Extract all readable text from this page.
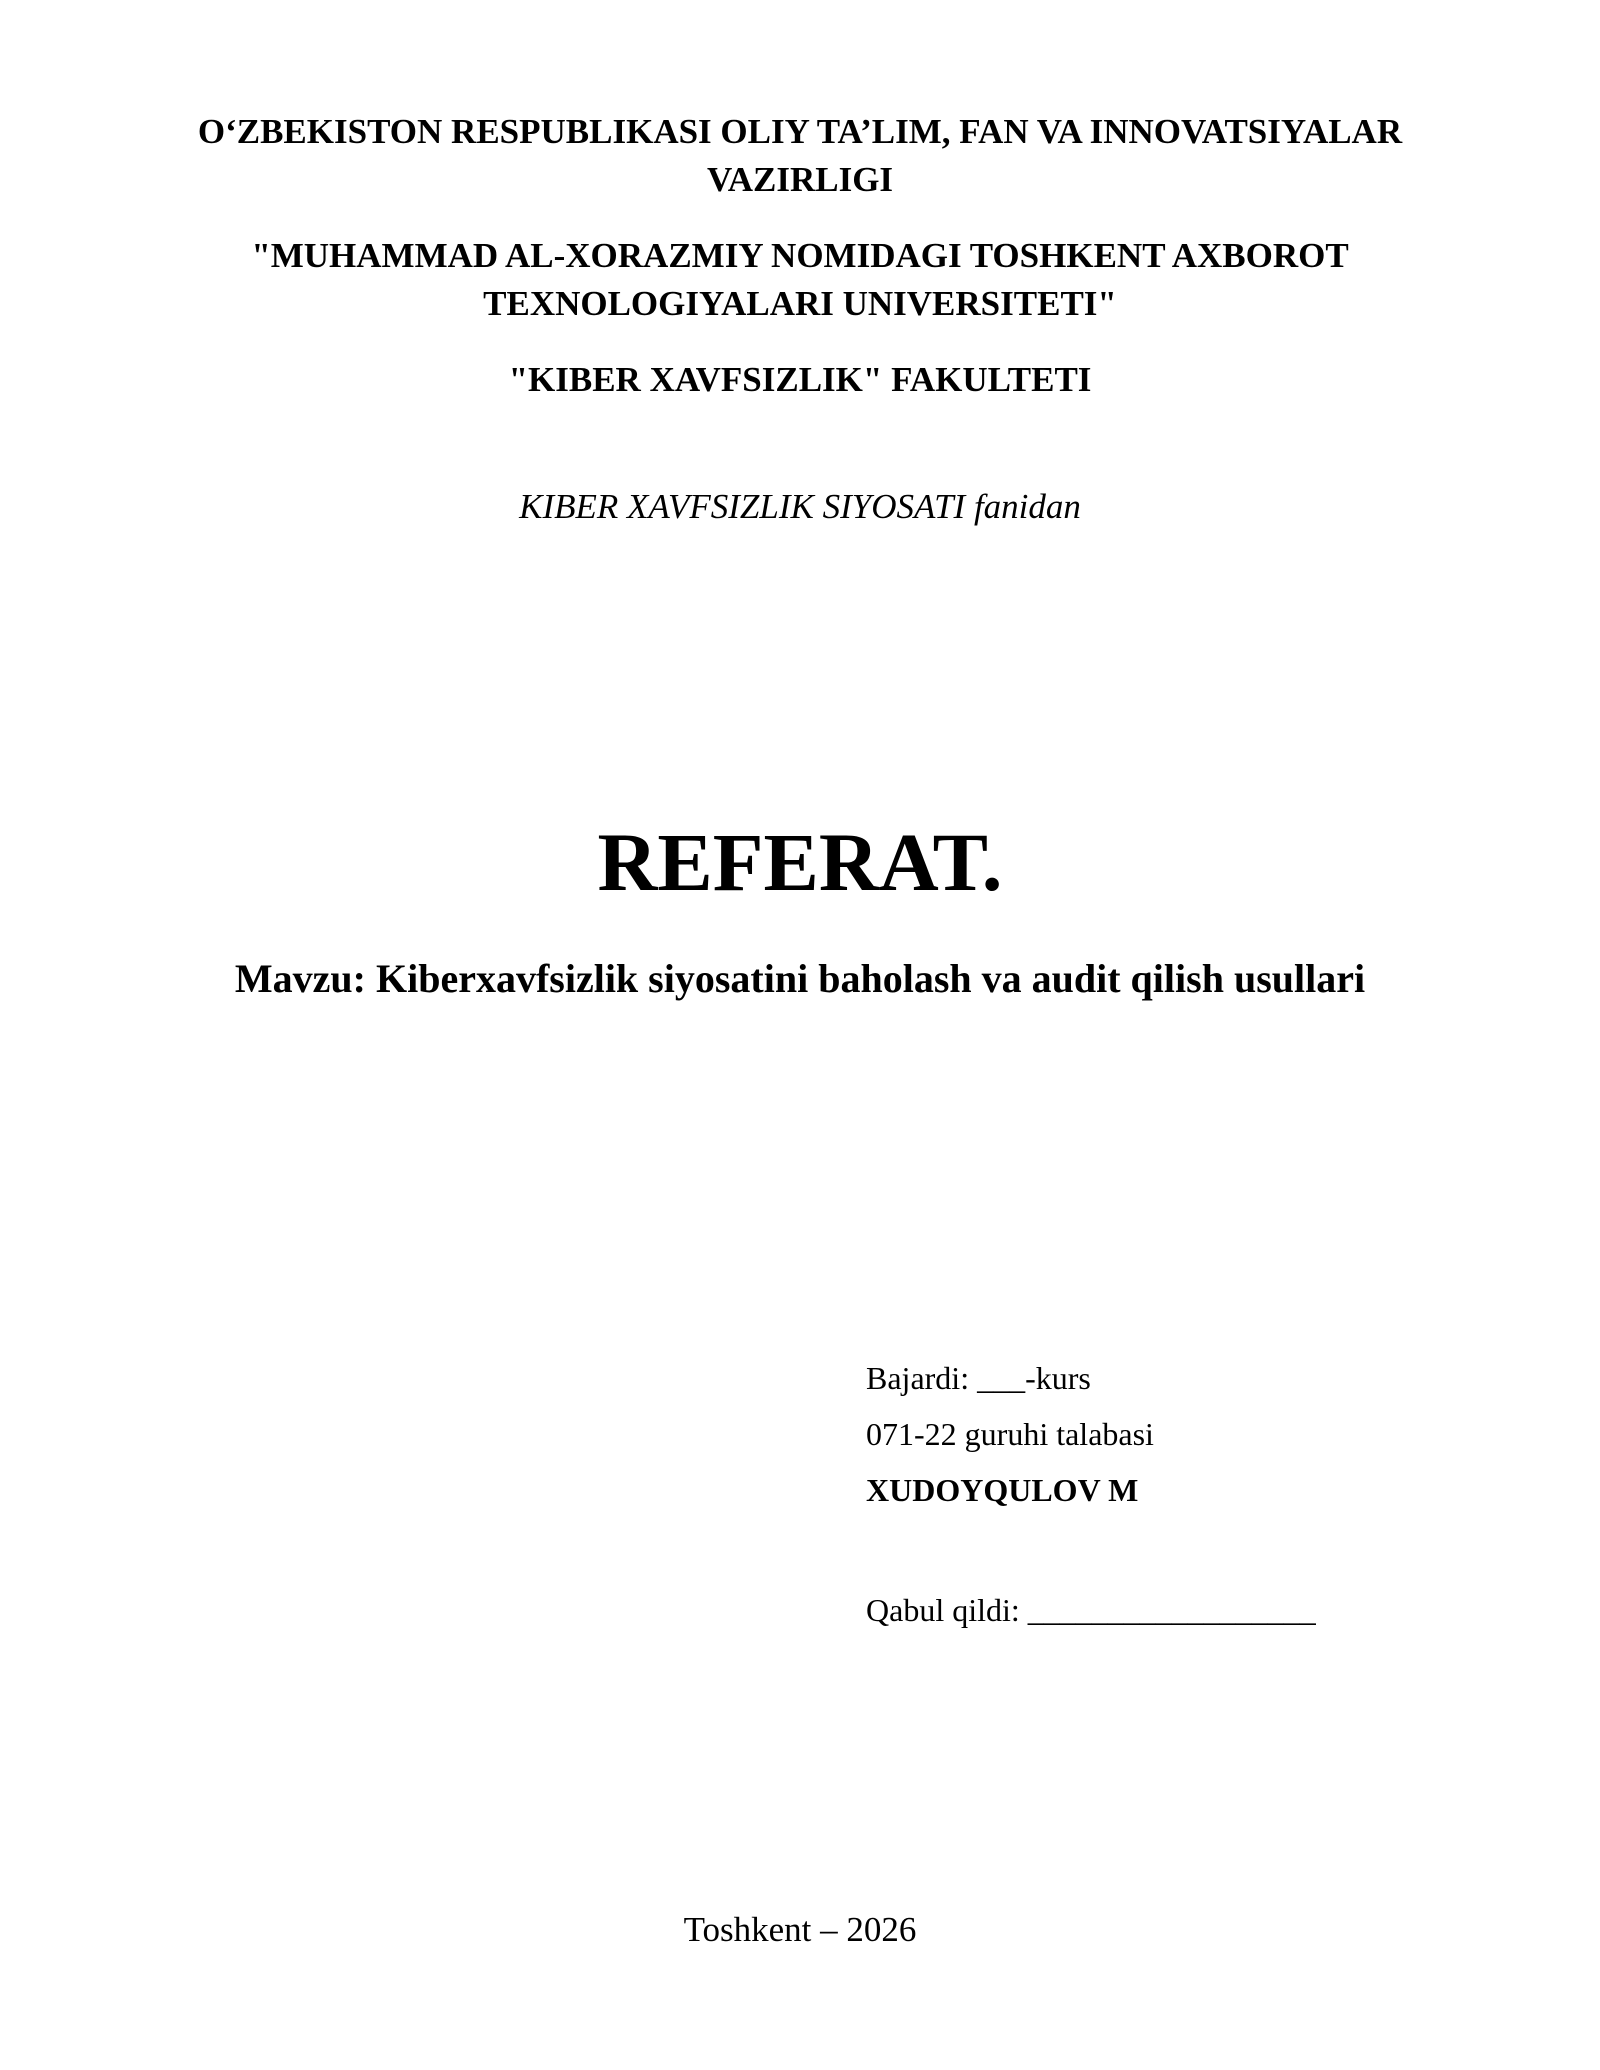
O‘ZBEKISTON RESPUBLIKASI OLIY TA’LIM, FAN VA INNOVATSIYALAR
VAZIRLIGI
"MUHAMMAD AL-XORAZMIY NOMIDAGI TOSHKENT AXBOROT
TEXNOLOGIYALARI UNIVERSITETI"
"KIBER XAVFSIZLIK" FAKULTETI
KIBER XAVFSIZLIK SIYOSATI fanidan
REFERAT.
Mavzu: Kiberxavfsizlik siyosatini baholash va audit qilish usullari
Bajardi: ___-kurs
071-22 guruhi talabasi
XUDOYQULOV M
Qabul qildi: __________________
Toshkent – 2026
